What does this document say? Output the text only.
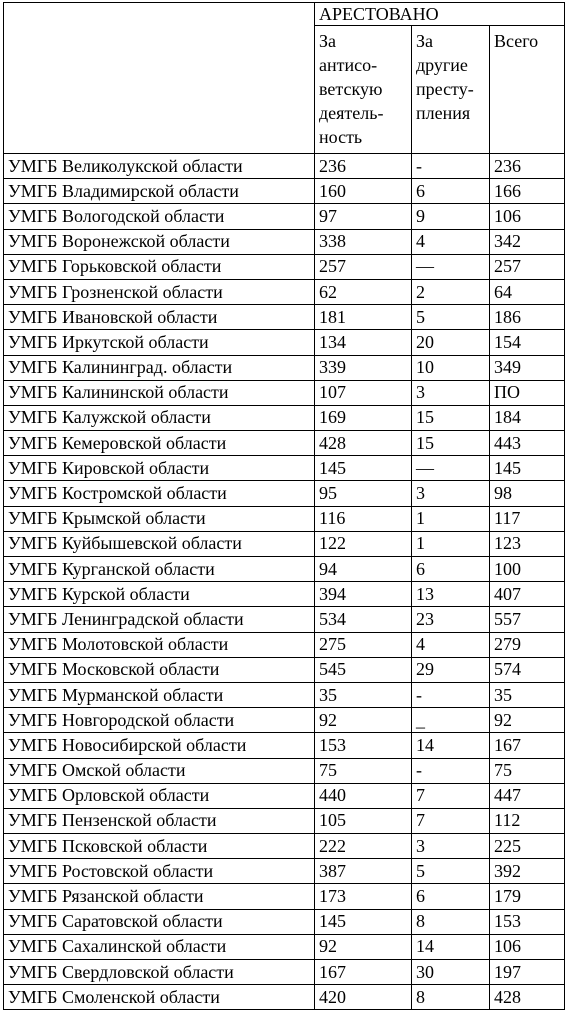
	АРЕСТОВАНО		

	За
антисо-
ветскую
деятель-
ность	За
другие
престу-
пления	Всего

УМГБ Великолукской области	236	-	236
УМГБ Владимирской области	160	6	166
УМГБ Вологодской области	97	9	106
УМГБ Воронежской области	338	4	342
УМГБ Горьковской области	257	—	257
УМГБ Грозненской области	62	2	64
УМГБ Ивановской области	181	5	186
УМГБ Иркутской области	134	20	154
УМГБ Калининград. области	339	10	349
УМГБ Калининской области	107	3	ПО
УМГБ Калужской области	169	15	184
УМГБ Кемеровской области	428	15	443
УМГБ Кировской области	145	—	145
УМГБ Костромской области	95	3	98
УМГБ Крымской области	116	1	117
УМГБ Куйбышевской области	122	1	123
УМГБ Курганской области	94	6	100
УМГБ Курской области	394	13	407
УМГБ Ленинградской области	534	23	557
УМГБ Молотовской области	275	4	279
УМГБ Московской области	545	29	574
УМГБ Мурманской области	35	-	35
УМГБ Новгородской области	92	_	92
УМГБ Новосибирской области	153	14	167
УМГБ Омской области	75	-	75
УМГБ Орловской области	440	7	447
УМГБ Пензенской области	105	7	112
УМГБ Псковской области	222	3	225
УМГБ Ростовской области	387	5	392
УМГБ Рязанской области	173	6	179
УМГБ Саратовской области	145	8	153
УМГБ Сахалинской области	92	14	106
УМГБ Свердловской области	167	30	197
УМГБ Смоленской области	420	8	428
